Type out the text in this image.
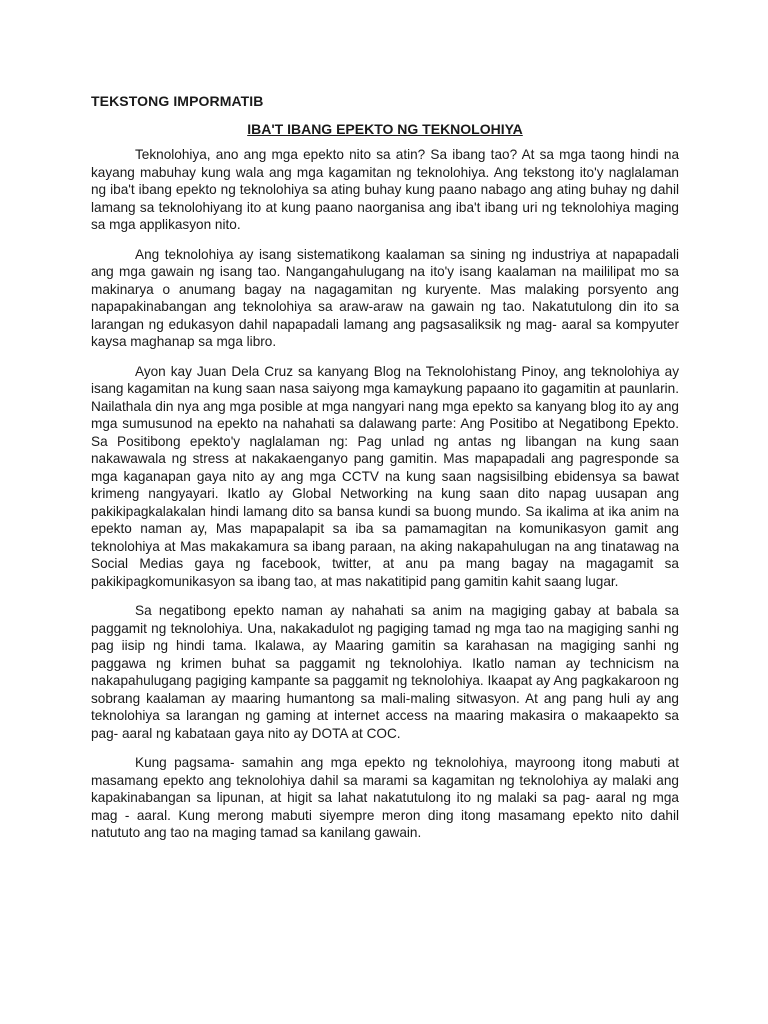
TEKSTONG IMPORMATIB
IBA'T IBANG EPEKTO NG TEKNOLOHIYA

Teknolohiya, ano ang mga epekto nito sa atin? Sa ibang tao? At sa mga taong hindi na kayang mabuhay kung wala ang mga kagamitan ng teknolohiya. Ang tekstong ito'y naglalaman ng iba't ibang epekto ng teknolohiya sa ating buhay kung paano nabago ang ating buhay ng dahil lamang sa teknolohiyang ito at kung paano naorganisa ang iba't ibang uri ng teknolohiya maging sa mga applikasyon nito.

Ang teknolohiya ay isang sistematikong kaalaman sa sining ng industriya at napapadali ang mga gawain ng isang tao. Nangangahulugang na ito'y isang kaalaman na maililipat mo sa makinarya o anumang bagay na nagagamitan ng kuryente. Mas malaking porsyento ang napapakinabangan ang teknolohiya sa araw-araw na gawain ng tao. Nakatutulong din ito sa larangan ng edukasyon dahil napapadali lamang ang pagsasaliksik ng mag- aaral sa kompyuter kaysa maghanap sa mga libro.

Ayon kay Juan Dela Cruz sa kanyang Blog na Teknolohistang Pinoy, ang teknolohiya ay isang kagamitan na kung saan nasa saiyong mga kamaykung papaano ito gagamitin at paunlarin. Nailathala din nya ang mga posible at mga nangyari nang mga epekto sa kanyang blog ito ay ang mga sumusunod na epekto na nahahati sa dalawang parte: Ang Positibo at Negatibong Epekto. Sa Positibong epekto'y naglalaman ng: Pag unlad ng antas ng libangan na kung saan nakawawala ng stress at nakakaenganyo pang gamitin. Mas mapapadali ang pagresponde sa mga kaganapan gaya nito ay ang mga CCTV na kung saan nagsisilbing ebidensya sa bawat krimeng nangyayari. Ikatlo ay Global Networking na kung saan dito napag uusapan ang pakikipagkalakalan hindi lamang dito sa bansa kundi sa buong mundo. Sa ikalima at ika anim na epekto naman ay, Mas mapapalapit sa iba sa pamamagitan na komunikasyon gamit ang teknolohiya at Mas makakamura sa ibang paraan, na aking nakapahulugan na ang tinatawag na Social Medias gaya ng facebook, twitter, at anu pa mang bagay na magagamit sa pakikipagkomunikasyon sa ibang tao, at mas nakatitipid pang gamitin kahit saang lugar.

Sa negatibong epekto naman ay nahahati sa anim na magiging gabay at babala sa paggamit ng teknolohiya. Una, nakakadulot ng pagiging tamad ng mga tao na magiging sanhi ng pag iisip ng hindi tama. Ikalawa, ay Maaring gamitin sa karahasan na magiging sanhi ng paggawa ng krimen buhat sa paggamit ng teknolohiya. Ikatlo naman ay technicism na nakapahulugang pagiging kampante sa paggamit ng teknolohiya. Ikaapat ay Ang pagkakaroon ng sobrang kaalaman ay maaring humantong sa mali-maling sitwasyon. At ang pang huli ay ang teknolohiya sa larangan ng gaming at internet access na maaring makasira o makaapekto sa pag- aaral ng kabataan gaya nito ay DOTA at COC.

Kung pagsama- samahin ang mga epekto ng teknolohiya, mayroong itong mabuti at masamang epekto ang teknolohiya dahil sa marami sa kagamitan ng teknolohiya ay malaki ang kapakinabangan sa lipunan, at higit sa lahat nakatutulong ito ng malaki sa pag- aaral ng mga mag - aaral. Kung merong mabuti siyempre meron ding itong masamang epekto nito dahil natututo ang tao na maging tamad sa kanilang gawain.
